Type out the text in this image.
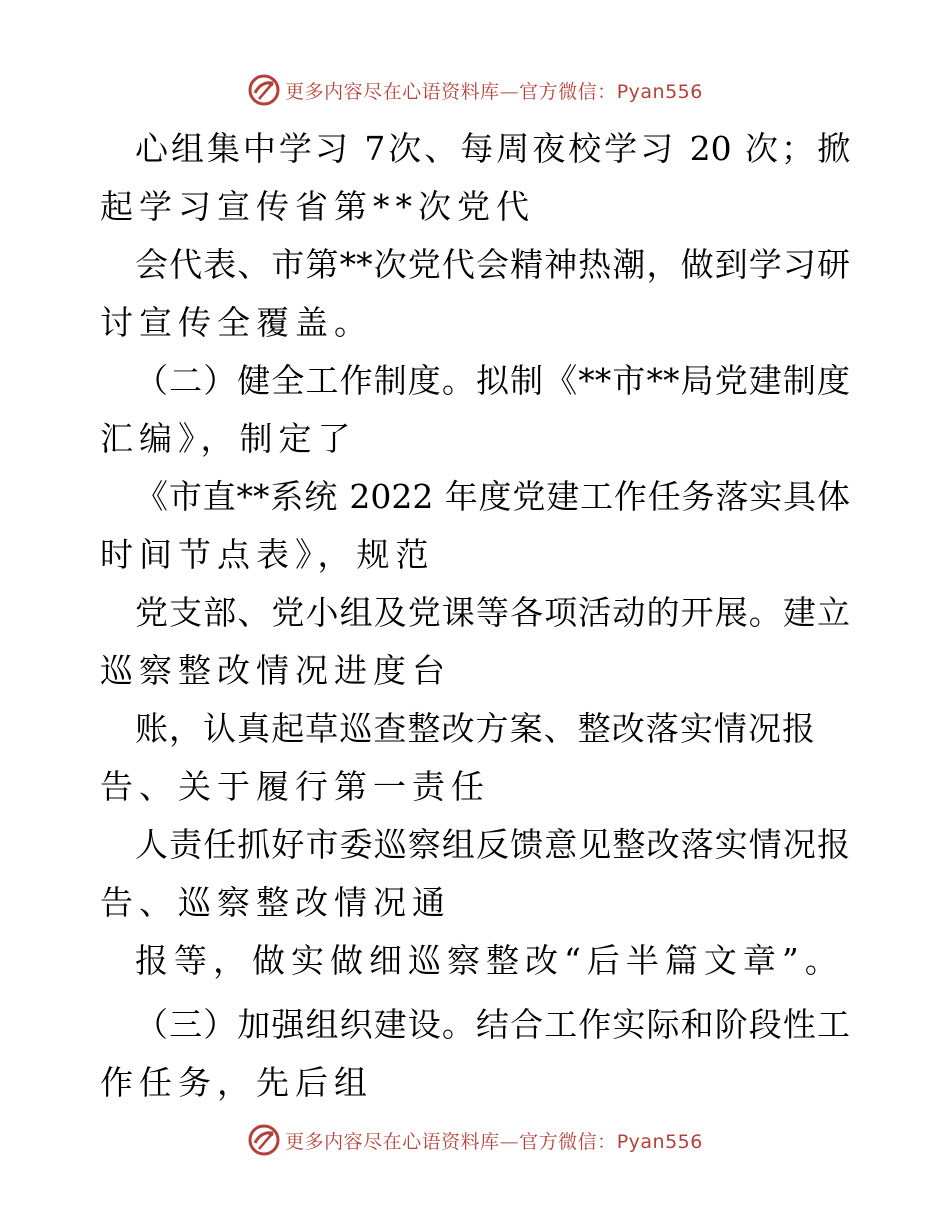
更多内容尽在心语资料库—官方微信：Pyan556
心组集中学习 7次、每周夜校学习 20 次；掀
起学习宣传省第**次党代
会代表、市第**次党代会精神热潮，做到学习研
讨宣传全覆盖。
（二）健全工作制度。拟制《**市**局党建制度
汇编》，制定了
《市直**系统 2022 年度党建工作任务落实具体
时间节点表》，规范
党支部、党小组及党课等各项活动的开展。建立
巡察整改情况进度台
账，认真起草巡查整改方案、整改落实情况报
告、关于履行第一责任
人责任抓好市委巡察组反馈意见整改落实情况报
告、巡察整改情况通
报等，做实做细巡察整改“后半篇文章”。
（三）加强组织建设。结合工作实际和阶段性工
作任务，先后组
更多内容尽在心语资料库—官方微信：Pyan556
